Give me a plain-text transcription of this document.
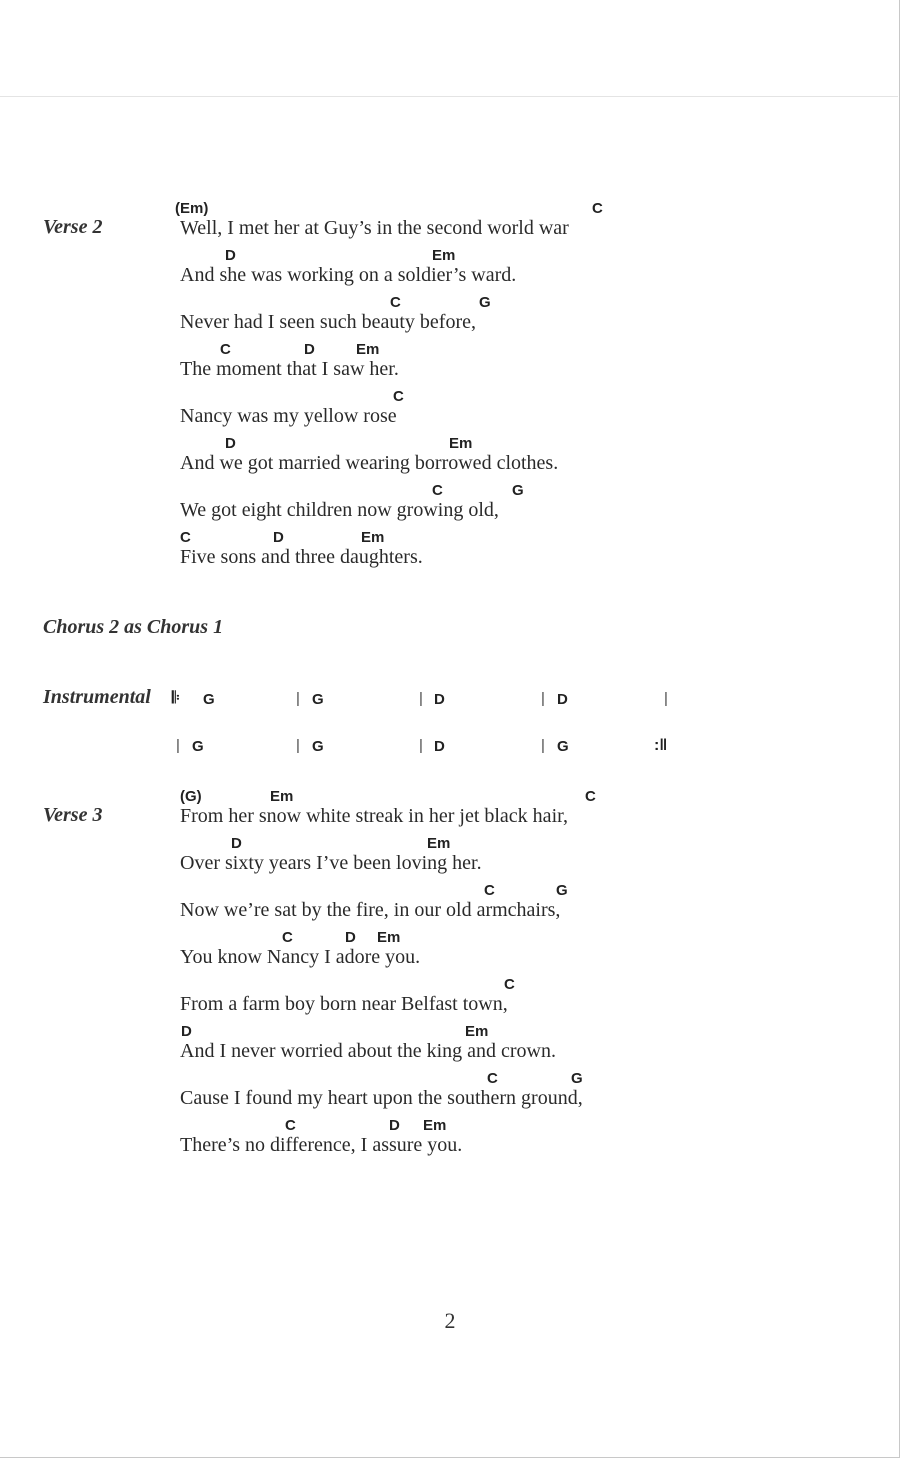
Verse 2
(Em)	C
Well, I met her at Guy’s in the second world war
D	Em
And she was working on a soldier’s ward.
C	G
Never had I seen such beauty before,
C	D	Em
The moment that I saw her.
C
Nancy was my yellow rose
D	Em
And we got married wearing borrowed clothes.
C	G
We got eight children now growing old,
C	D	Em
Five sons and three daughters.
Chorus 2 as Chorus 1
Instrumental 𝄆 G	| G	| D	| D	|
| G	| G	| D	| G	:‖
Verse 3
(G)	Em	C
From her snow white streak in her jet black hair,
D	Em
Over sixty years I’ve been loving her.
C	G
Now we’re sat by the fire, in our old armchairs,
C	D Em
You know Nancy I adore you.
C
From a farm boy born near Belfast town,
D	Em
And I never worried about the king and crown.
C	G
Cause I found my heart upon the southern ground,
C	D Em
There’s no difference, I assure you.
2
